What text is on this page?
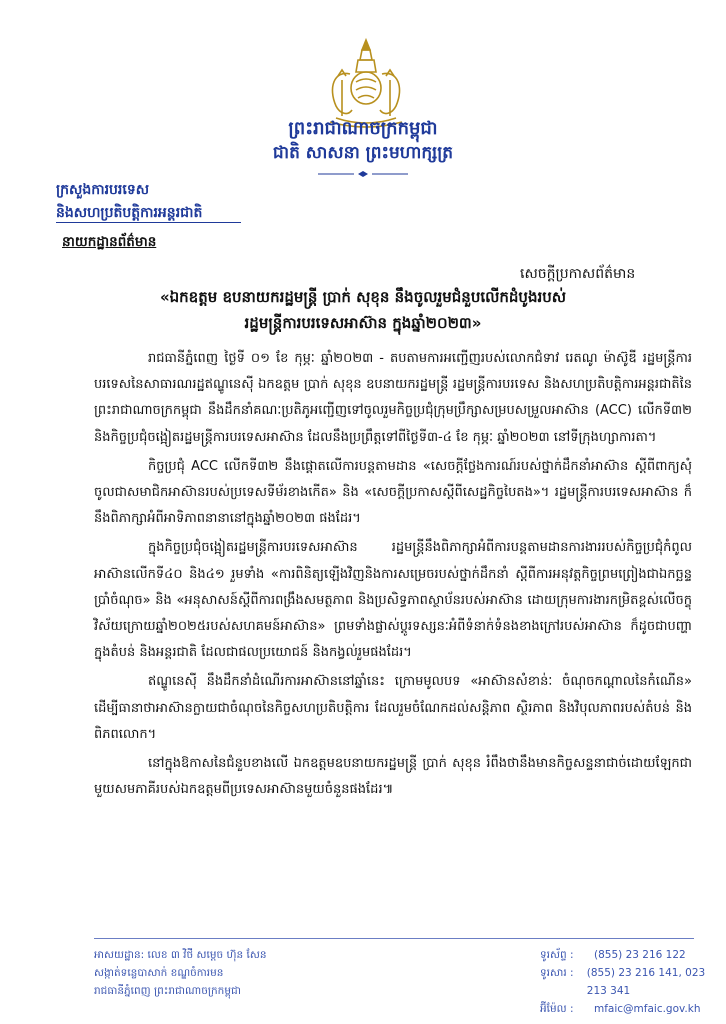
ព្រះរាជាណាចក្រកម្ពុជា
ជាតិ សាសនា ព្រះមហាក្សត្រ
ក្រសួងការបរទេស
និងសហប្រតិបត្តិការអន្តរជាតិ
នាយកដ្ឋានព័ត៌មាន
សេចក្តីប្រកាសព័ត៌មាន
«ឯកឧត្តម ឧបនាយករដ្ឋមន្ត្រី ប្រាក់ សុខុន នឹងចូលរួមជំនួបលើកដំបូងរបស់
រដ្ឋមន្ត្រីការបរទេសអាស៊ាន ក្នុងឆ្នាំ២០២៣»

រាជធានីភ្នំពេញ ថ្ងៃទី ០១ ខែ កុម្ភៈ ឆ្នាំ២០២៣ - តបតាមការអញ្ជើញរបស់លោកជំទាវ រេតណូ ម៉ាស៊ូឌី រដ្ឋមន្ត្រីការបរទេសនៃសាធារណរដ្ឋឥណ្ឌូនេស៊ី ឯកឧត្តម ប្រាក់ សុខុន ឧបនាយករដ្ឋមន្ត្រី រដ្ឋមន្ត្រីការបរទេស និងសហប្រតិបត្តិការអន្តរជាតិនៃព្រះរាជាណាចក្រកម្ពុជា នឹងដឹកនាំគណៈប្រតិភូអញ្ជើញទៅចូលរួមកិច្ចប្រជុំក្រុមប្រឹក្សាសម្របសម្រួលអាស៊ាន (ACC) លើកទី៣២ និងកិច្ចប្រជុំចង្អៀតរដ្ឋមន្ត្រីការបរទេសអាស៊ាន ដែលនឹងប្រព្រឹត្តទៅពីថ្ងៃទី៣-៤ ខែ កុម្ភៈ ឆ្នាំ២០២៣ នៅទីក្រុងហ្សាការតា។

កិច្ចប្រជុំ ACC លើកទី៣២ នឹងផ្តោតលើការបន្តតាមដាន «សេចក្តីថ្លែងការណ៍របស់ថ្នាក់ដឹកនាំអាស៊ាន ស្តីពីពាក្យសុំចូលជាសមាជិកអាស៊ានរបស់ប្រទេសទីម័រខាងកើត» និង «សេចក្តីប្រកាសស្តីពីសេដ្ឋកិច្ចបៃតង»។ រដ្ឋមន្ត្រីការបរទេសអាស៊ាន ក៏នឹងពិភាក្សាអំពីអាទិភាពនានានៅក្នុងឆ្នាំ២០២៣ ផងដែរ។

ក្នុងកិច្ចប្រជុំចង្អៀតរដ្ឋមន្ត្រីការបរទេសអាស៊ាន រដ្ឋមន្ត្រីនឹងពិភាក្សាអំពីការបន្តតាមដានការងាររបស់កិច្ចប្រជុំកំពូលអាស៊ានលើកទី៤០ និង៤១ រួមទាំង «ការពិនិត្យឡើងវិញនិងការសម្រេចរបស់ថ្នាក់ដឹកនាំ ស្តីពីការអនុវត្តកិច្ចព្រមព្រៀងជាឯកច្ឆន្ទប្រាំចំណុច» និង «អនុសាសន៍ស្តីពីការពង្រឹងសមត្ថភាព និងប្រសិទ្ធភាពស្ថាប័នរបស់អាស៊ាន ដោយក្រុមការងារកម្រិតខ្ពស់លើចក្ខុវិស័យក្រោយឆ្នាំ២០២៥របស់សហគមន៍អាស៊ាន» ព្រមទាំងផ្លាស់ប្តូរទស្សនៈអំពីទំនាក់ទំនងខាងក្រៅរបស់អាស៊ាន ក៏ដូចជាបញ្ហាក្នុងតំបន់ និងអន្តរជាតិ ដែលជាផលប្រយោជន៍ និងកង្វល់រួមផងដែរ។

ឥណ្ឌូនេស៊ី នឹងដឹកនាំដំណើរការអាស៊ាននៅឆ្នាំនេះ ក្រោមមូលបទ «អាស៊ានសំខាន់ៈ ចំណុចកណ្តាលនៃកំណើន» ដើម្បីធានាថាអាស៊ានក្លាយជាចំណុចនៃកិច្ចសហប្រតិបត្តិការ ដែលរួមចំណែកដល់សន្តិភាព ស្ថិរភាព និងវិបុលភាពរបស់តំបន់ និងពិភពលោក។

នៅក្នុងឱកាសនៃជំនួបខាងលើ ឯកឧត្តមឧបនាយករដ្ឋមន្ត្រី ប្រាក់ សុខុន រំពឹងថានឹងមានកិច្ចសន្ទនាជាច់ដោយឡែកជាមួយសមភាគីរបស់ឯកឧត្តមពីប្រទេសអាស៊ានមួយចំនួនផងដែរ៕

អាសយដ្ឋាន: លេខ ៣ វិថី សម្តេច ហ៊ុន សែន
សង្កាត់ទន្លេបាសាក់ ខណ្ឌចំការមន
រាជធានីភ្នំពេញ ព្រះរាជាណាចក្រកម្ពុជា
ទូរស័ព្ទ :	(855) 23 216 122
ទូរសារ :	(855) 23 216 141, 023 213 341
អ៊ីម៉ែល :	mfaic@mfaic.gov.kh
